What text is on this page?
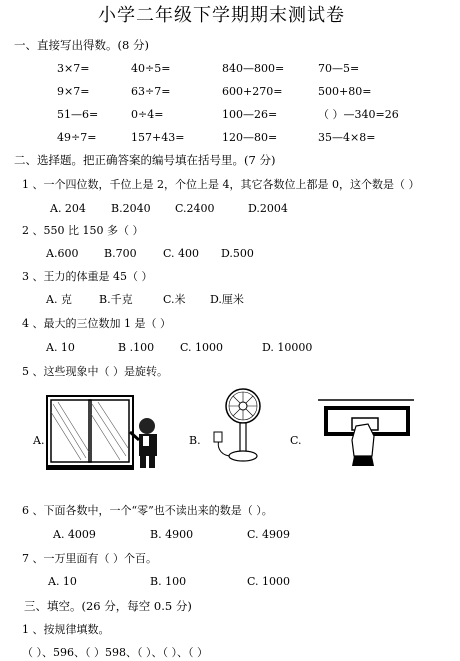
小学二年级下学期期末测试卷
一、直接写出得数。(8 分)
3×7=	40÷5=	840—800=	70—5=
9×7=	63÷7=	600+270=	500+80=
51—6=	0÷4=	100—26=	（ ）—340=26
49÷7=	157+43=	120—80=	35—4×8=
二、选择题。把正确答案的编号填在括号里。(7 分)
1 、一个四位数，千位上是 2，个位上是 4，其它各数位上都是 0，这个数是（ ）
A. 204 B.2040 C.2400	D.2004
2 、550 比 150 多（ ）
A.600 B.700 C. 400 D.500
3 、王力的体重是 45（ ）
A. 克 B.千克	C.米 D.厘米
4 、最大的三位数加 1 是（ ）
A. 10	B .100 C. 1000	D. 10000
5 、这些现象中（ ）是旋转。
A.	B.	C.
6 、下面各数中，一个“零”也不读出来的数是（ ）。
A. 4009	B. 4900	C. 4909
7 、一万里面有（ ）个百。
A. 10	B. 100	C. 1000
三、填空。(26 分，每空 0.5 分)
1 、按规律填数。
（ ）、596、（ ）598、（ ）、（ ）、（ ）
